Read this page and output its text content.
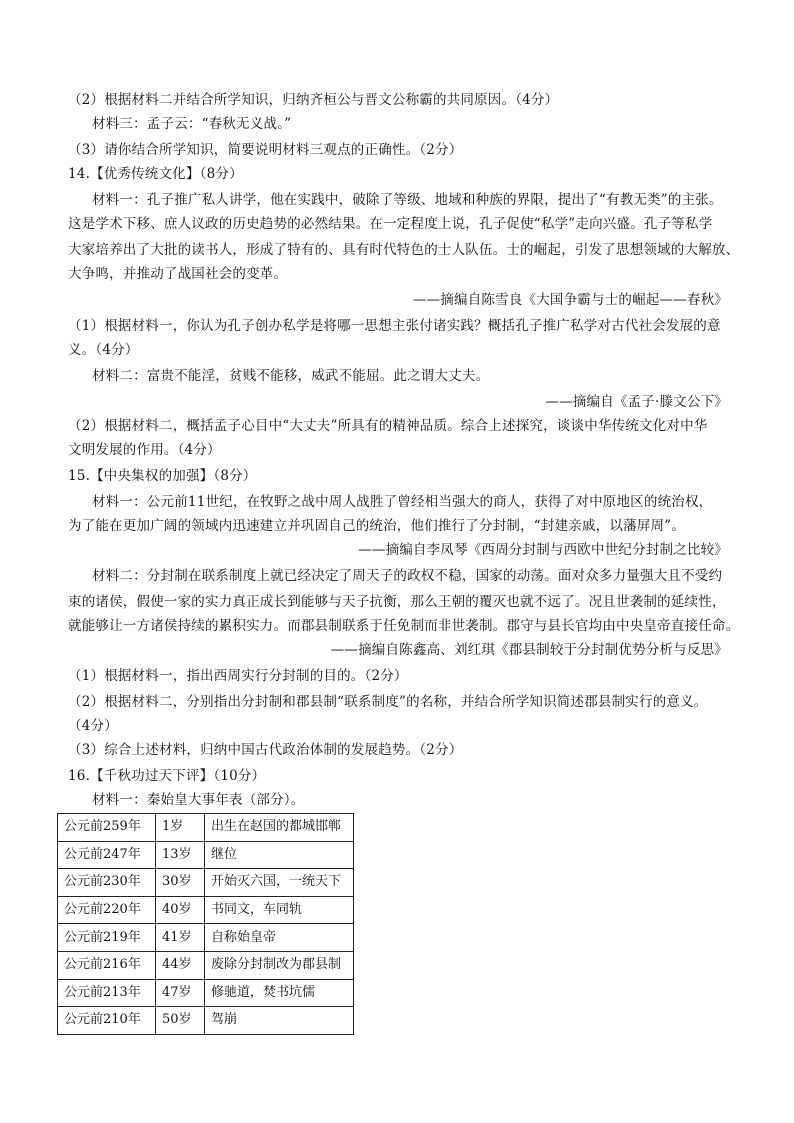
（2）根据材料二并结合所学知识，归纳齐桓公与晋文公称霸的共同原因。（4分）
材料三：孟子云：“春秋无义战。”
（3）请你结合所学知识，简要说明材料三观点的正确性。（2分）
14.【优秀传统文化】（8分）
材料一：孔子推广私人讲学，他在实践中，破除了等级、地域和种族的界限，提出了“有教无类”的主张。
这是学术下移、庶人议政的历史趋势的必然结果。在一定程度上说，孔子促使“私学”走向兴盛。孔子等私学
大家培养出了大批的读书人，形成了特有的、具有时代特色的士人队伍。士的崛起，引发了思想领域的大解放、
大争鸣，并推动了战国社会的变革。
——摘编自陈雪良《大国争霸与士的崛起——春秋》
（1）根据材料一，你认为孔子创办私学是将哪一思想主张付诸实践？概括孔子推广私学对古代社会发展的意
义。（4分）
材料二：富贵不能淫，贫贱不能移，威武不能屈。此之谓大丈夫。
——摘编自《孟子·滕文公下》
（2）根据材料二，概括孟子心目中“大丈夫”所具有的精神品质。综合上述探究，谈谈中华传统文化对中华
文明发展的作用。（4分）
15.【中央集权的加强】（8分）
材料一：公元前11世纪，在牧野之战中周人战胜了曾经相当强大的商人，获得了对中原地区的统治权，
为了能在更加广阔的领域内迅速建立并巩固自己的统治，他们推行了分封制，“封建亲戚，以藩屏周”。
——摘编自李凤琴《西周分封制与西欧中世纪分封制之比较》
材料二：分封制在联系制度上就已经决定了周天子的政权不稳，国家的动荡。面对众多力量强大且不受约
束的诸侯，假使一家的实力真正成长到能够与天子抗衡，那么王朝的覆灭也就不远了。况且世袭制的延续性，
就能够让一方诸侯持续的累积实力。而郡县制联系于任免制而非世袭制。郡守与县长官均由中央皇帝直接任命。
——摘编自陈鑫高、刘红琪《郡县制较于分封制优势分析与反思》
（1）根据材料一，指出西周实行分封制的目的。（2分）
（2）根据材料二，分别指出分封制和郡县制“联系制度”的名称，并结合所学知识简述郡县制实行的意义。
（4分）
（3）综合上述材料，归纳中国古代政治体制的发展趋势。（2分）
16.【千秋功过天下评】（10分）
材料一：秦始皇大事年表（部分）。
公元前259年	1岁	出生在赵国的都城邯郸
公元前247年	13岁	继位
公元前230年	30岁	开始灭六国，一统天下
公元前220年	40岁	书同文，车同轨
公元前219年	41岁	自称始皇帝
公元前216年	44岁	废除分封制改为郡县制
公元前213年	47岁	修驰道，焚书坑儒
公元前210年	50岁	驾崩
